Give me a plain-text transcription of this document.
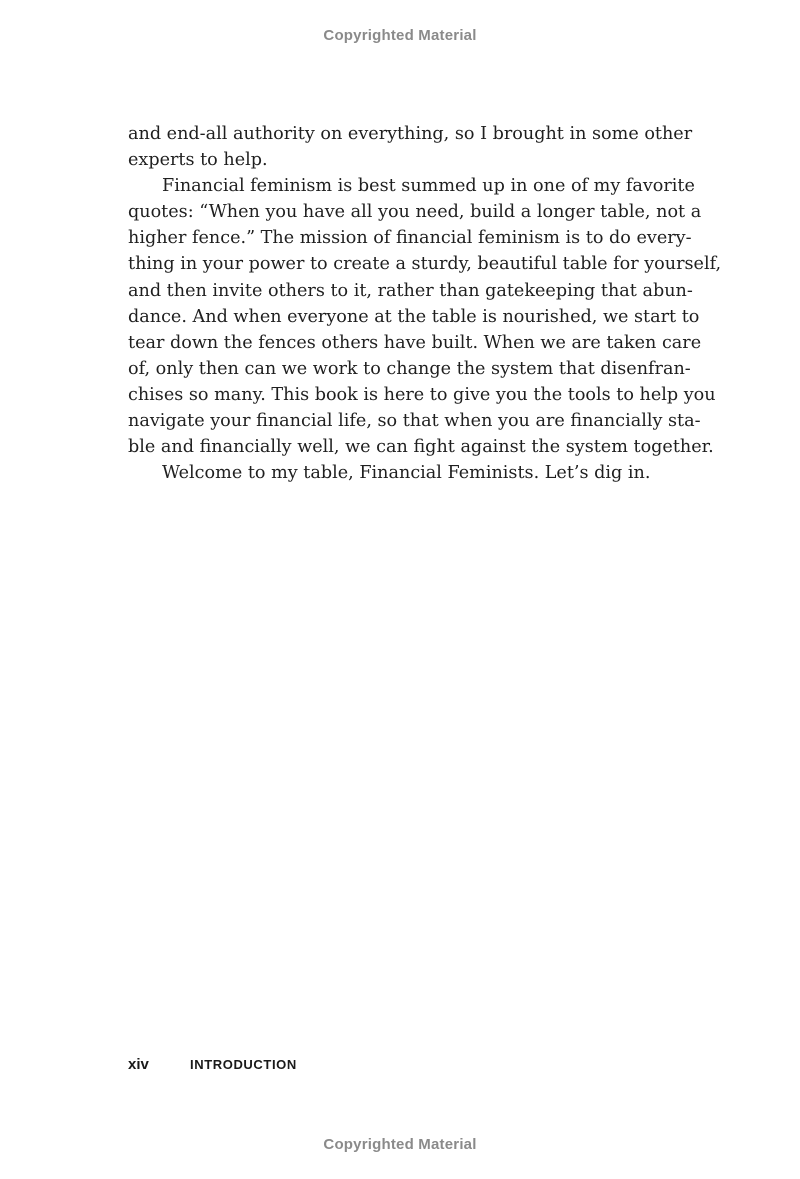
Copyrighted Material
and end-all authority on everything, so I brought in some other
experts to help.
Financial feminism is best summed up in one of my favorite
quotes: “When you have all you need, build a longer table, not a
higher fence.” The mission of financial feminism is to do every-
thing in your power to create a sturdy, beautiful table for yourself,
and then invite others to it, rather than gatekeeping that abun-
dance. And when everyone at the table is nourished, we start to
tear down the fences others have built. When we are taken care
of, only then can we work to change the system that disenfran-
chises so many. This book is here to give you the tools to help you
navigate your financial life, so that when you are financially sta-
ble and financially well, we can fight against the system together.
Welcome to my table, Financial Feminists. Let’s dig in.
xiv	INTRODUCTION
Copyrighted Material
